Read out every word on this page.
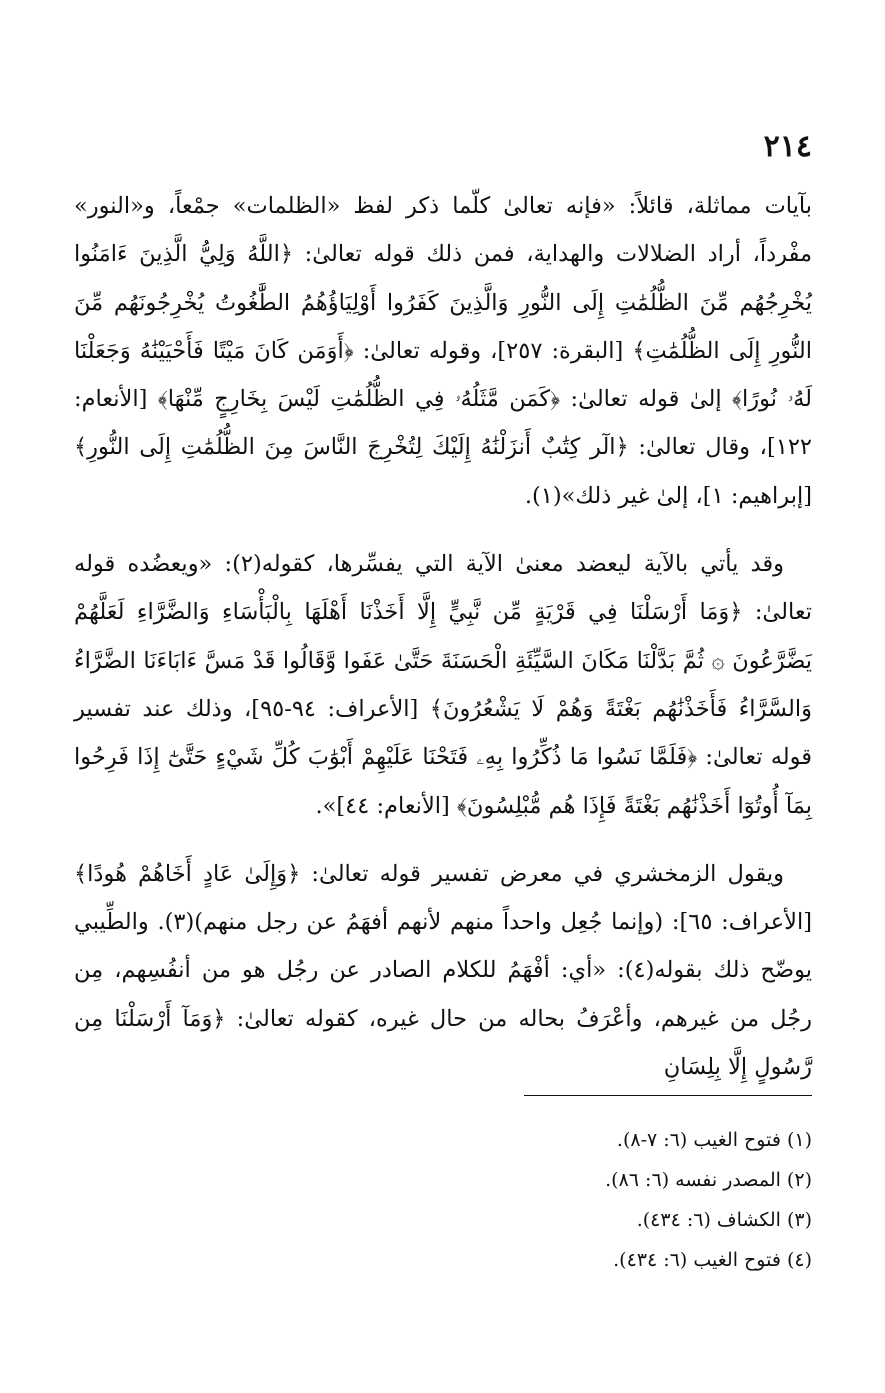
٢١٤

بآيات مماثلة، قائلاً: «فإنه تعالىٰ كلّما ذكر لفظ «الظلمات» جمْعاً، و«النور» مفْرداً، أراد الضلالات والهداية، فمن ذلك قوله تعالىٰ: ﴿اللَّهُ وَلِيُّ الَّذِينَ ءَامَنُوا يُخْرِجُهُم مِّنَ الظُّلُمَٰتِ إِلَى النُّورِ وَالَّذِينَ كَفَرُوا أَوْلِيَاؤُهُمُ الطَّٰغُوتُ يُخْرِجُونَهُم مِّنَ النُّورِ إِلَى الظُّلُمَٰتِ﴾ [البقرة: ٢٥٧]، وقوله تعالىٰ: ﴿أَوَمَن كَانَ مَيْتًا فَأَحْيَيْنَٰهُ وَجَعَلْنَا لَهُۥ نُورًا﴾ إلىٰ قوله تعالىٰ: ﴿كَمَن مَّثَلُهُۥ فِي الظُّلُمَٰتِ لَيْسَ بِخَارِجٍ مِّنْهَا﴾ [الأنعام: ١٢٢]، وقال تعالىٰ: ﴿الٓر كِتَٰبٌ أَنزَلْنَٰهُ إِلَيْكَ لِتُخْرِجَ النَّاسَ مِنَ الظُّلُمَٰتِ إِلَى النُّورِ﴾ [إبراهيم: ١]، إلىٰ غير ذلك»(١).

وقد يأتي بالآية ليعضد معنىٰ الآية التي يفسِّرها، كقوله(٢): «ويعضُده قوله تعالىٰ: ﴿وَمَا أَرْسَلْنَا فِي قَرْيَةٍ مِّن نَّبِيٍّ إِلَّا أَخَذْنَا أَهْلَهَا بِالْبَأْسَاءِ وَالضَّرَّاءِ لَعَلَّهُمْ يَضَّرَّعُونَ ۞ ثُمَّ بَدَّلْنَا مَكَانَ السَّيِّئَةِ الْحَسَنَةَ حَتَّىٰ عَفَوا وَّقَالُوا قَدْ مَسَّ ءَابَاءَنَا الضَّرَّاءُ وَالسَّرَّاءُ فَأَخَذْنَٰهُم بَغْتَةً وَهُمْ لَا يَشْعُرُونَ﴾ [الأعراف: ٩٤-٩٥]، وذلك عند تفسير قوله تعالىٰ: ﴿فَلَمَّا نَسُوا مَا ذُكِّرُوا بِهِۦ فَتَحْنَا عَلَيْهِمْ أَبْوَٰبَ كُلِّ شَيْءٍ حَتَّىٰٓ إِذَا فَرِحُوا بِمَآ أُوتُوٓا أَخَذْنَٰهُم بَغْتَةً فَإِذَا هُم مُّبْلِسُونَ﴾ [الأنعام: ٤٤]».

ويقول الزمخشري في معرض تفسير قوله تعالىٰ: ﴿وَإِلَىٰ عَادٍ أَخَاهُمْ هُودًا﴾ [الأعراف: ٦٥]: (وإنما جُعِل واحداً منهم لأنهم أفهَمُ عن رجل منهم)(٣). والطِّيبي يوضّح ذلك بقوله(٤): «أي: أفْهَمُ للكلام الصادر عن رجُل هو من أنفُسِهم، مِن رجُل من غيرهم، وأعْرَفُ بحاله من حال غيره، كقوله تعالىٰ: ﴿وَمَآ أَرْسَلْنَا مِن رَّسُولٍ إِلَّا بِلِسَانِ

(١) فتوح الغيب (٦: ٧-٨).
(٢) المصدر نفسه (٦: ٨٦).
(٣) الكشاف (٦: ٤٣٤).
(٤) فتوح الغيب (٦: ٤٣٤).
